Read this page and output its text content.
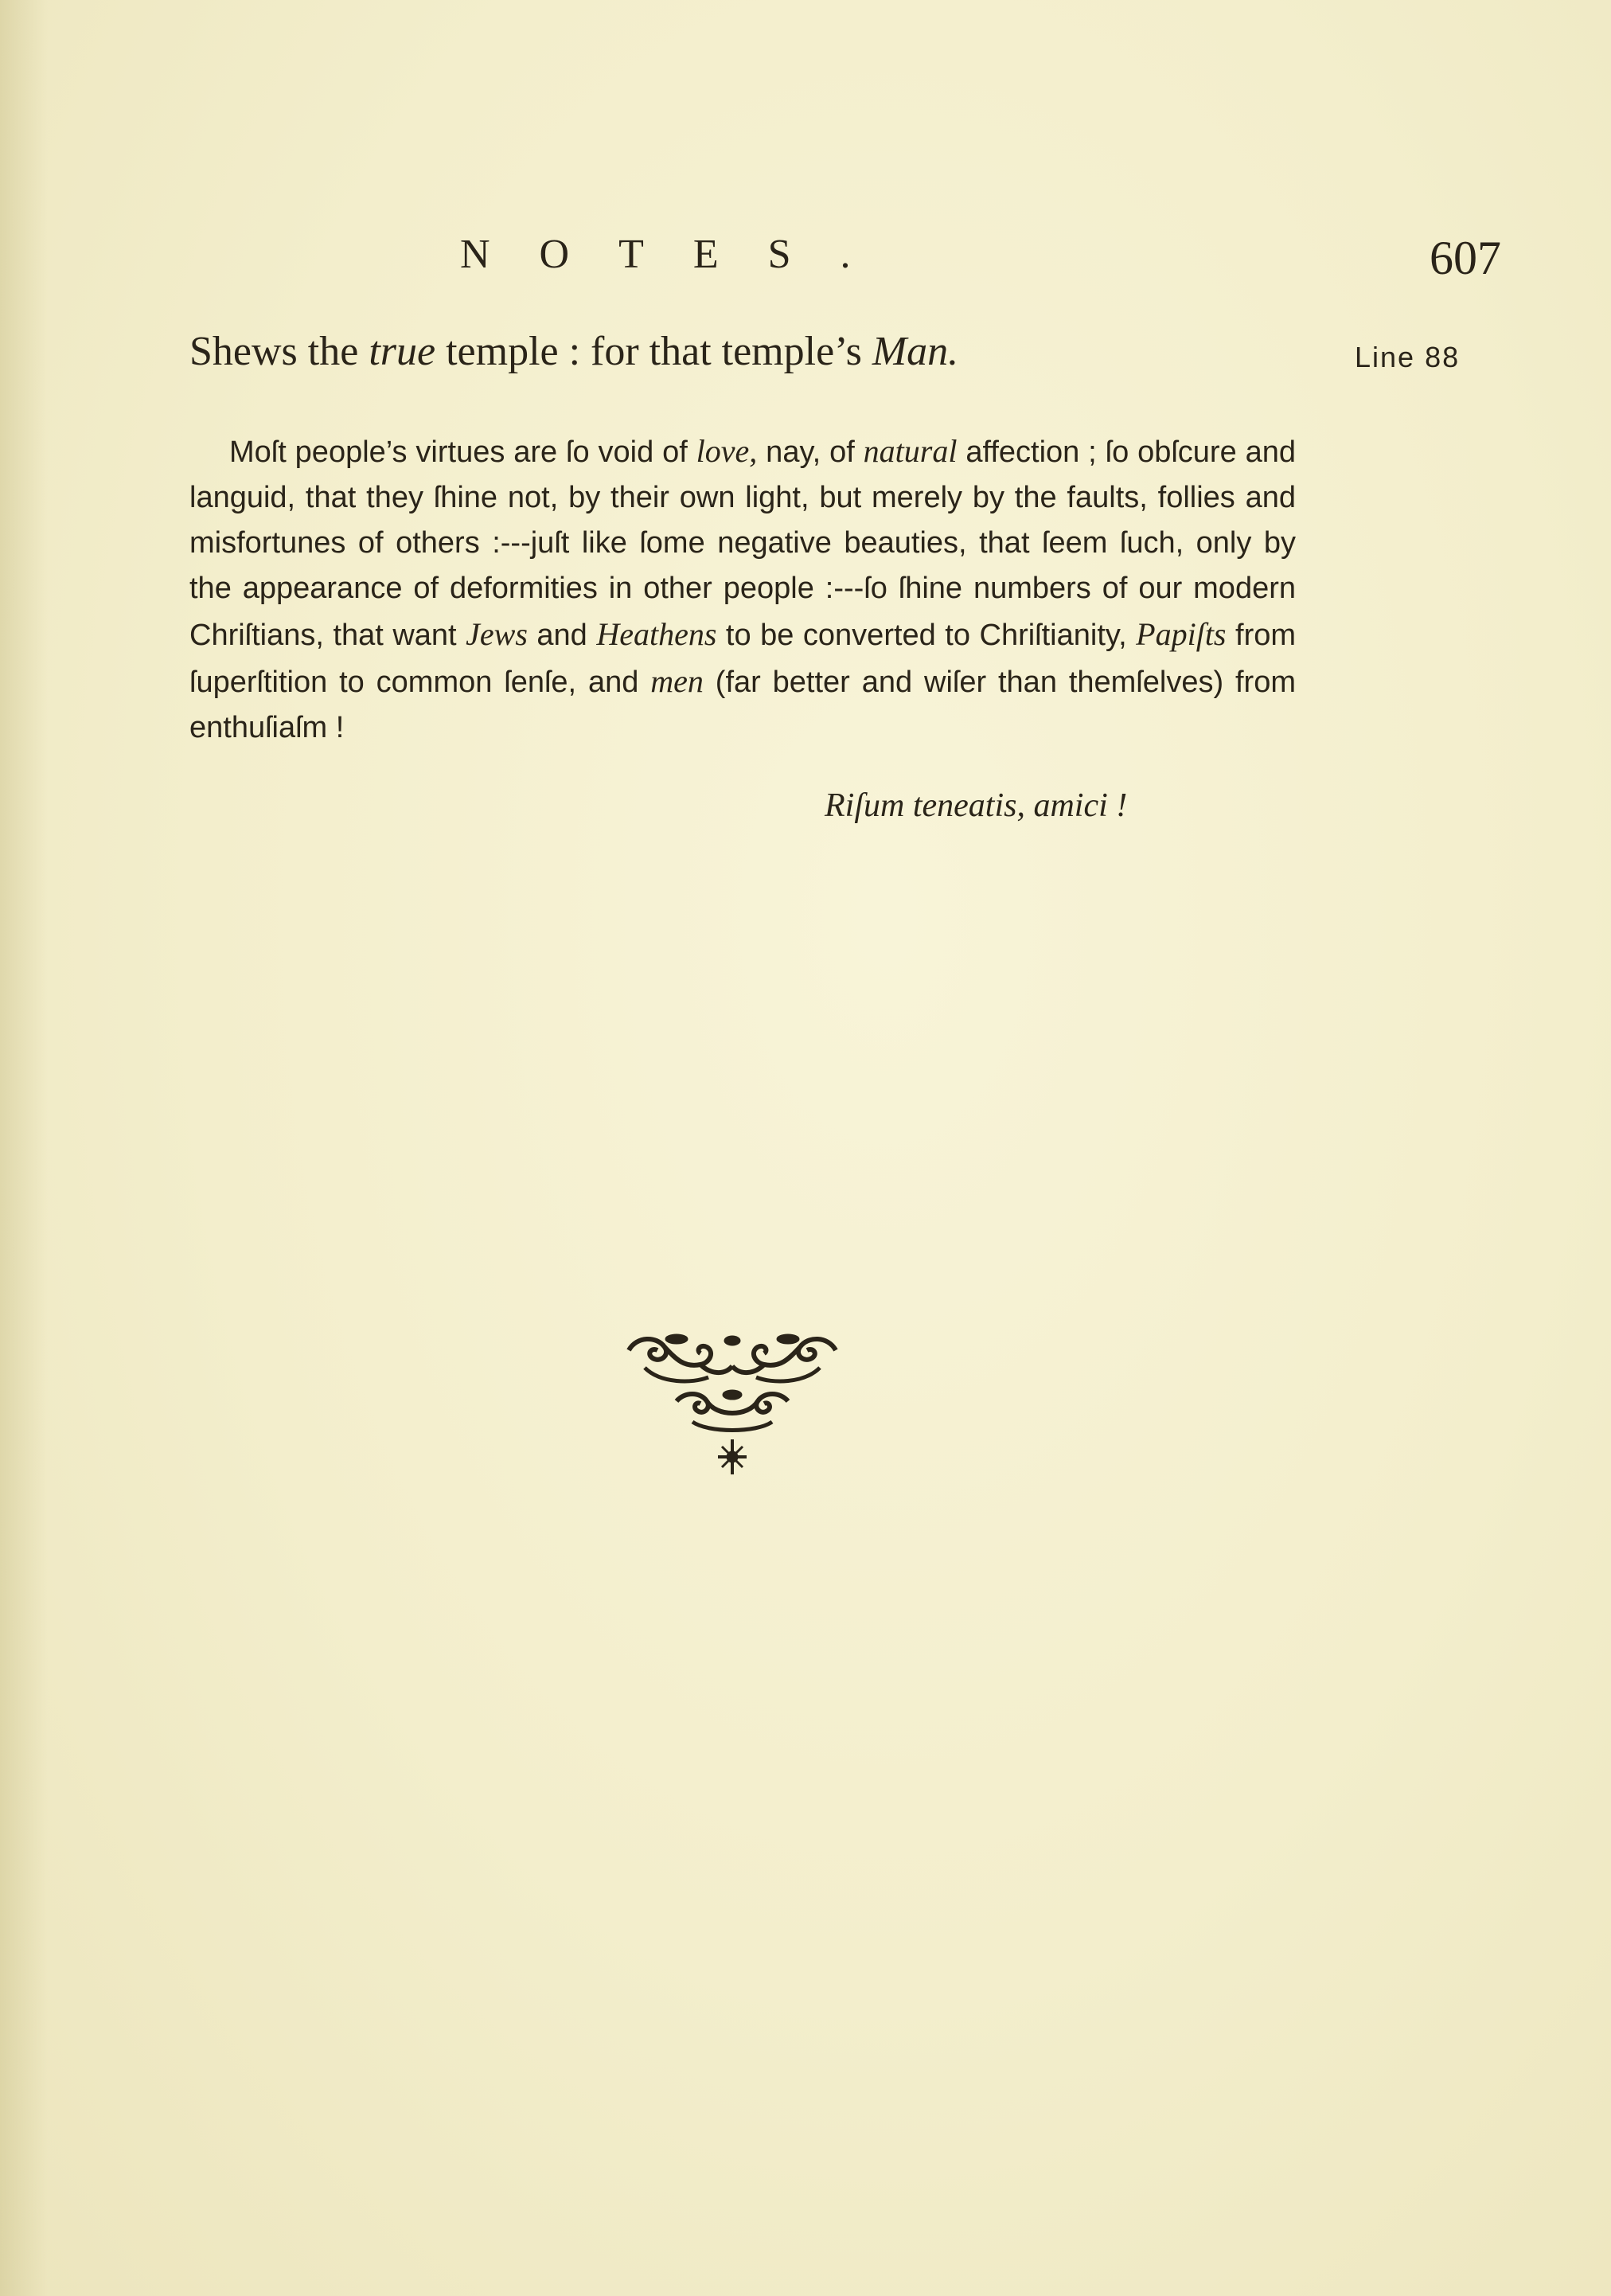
NOTES.	607
Shews the true temple : for that temple’s Man.	Line 88

Moſt people’s virtues are ſo void of love, nay, of natural affection ; ſo obſcure and languid, that they ſhine not, by their own light, but merely by the faults, follies and misfortunes of others :---juſt like ſome negative beauties, that ſeem ſuch, only by the appearance of deformities in other people :---ſo ſhine numbers of our modern Chriſtians, that want Jews and Heathens to be converted to Chriſtianity, Papiſts from ſuperſtition to common ſenſe, and men (far better and wiſer than themſelves) from enthuſiaſm !

Riſum teneatis, amici !
